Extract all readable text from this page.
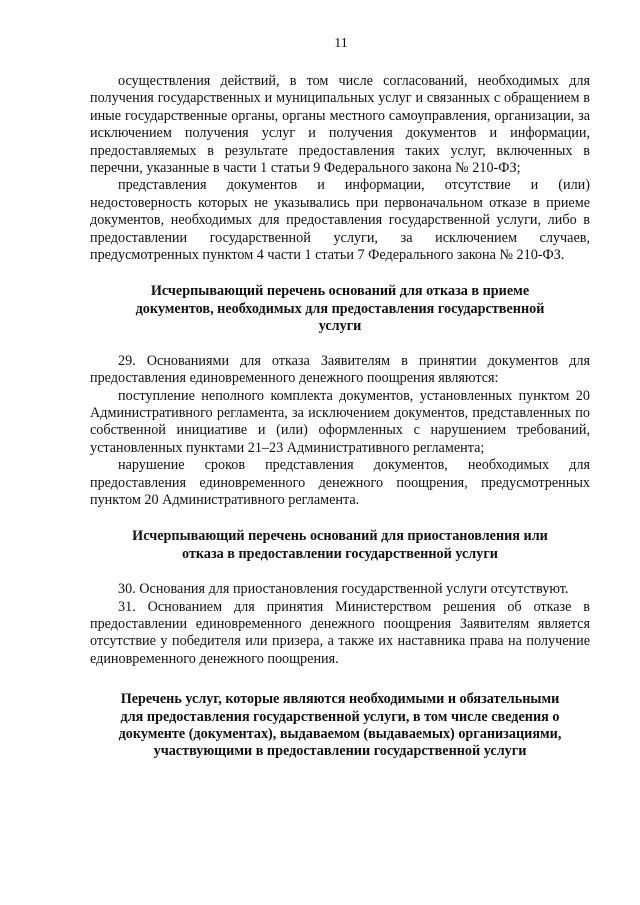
11

осуществления действий, в том числе согласований, необходимых для получения государственных и муниципальных услуг и связанных с обращением в иные государственные органы, органы местного самоуправления, организации, за исключением получения услуг и получения документов и информации, предоставляемых в результате предоставления таких услуг, включенных в перечни, указанные в части 1 статьи 9 Федерального закона № 210-ФЗ;

представления документов и информации, отсутствие и (или) недостоверность которых не указывались при первоначальном отказе в приеме документов, необходимых для предоставления государственной услуги, либо в предоставлении государственной услуги, за исключением случаев, предусмотренных пунктом 4 части 1 статьи 7 Федерального закона № 210-ФЗ.

Исчерпывающий перечень оснований для отказа в приеме документов, необходимых для предоставления государственной услуги

29. Основаниями для отказа Заявителям в принятии документов для предоставления единовременного денежного поощрения являются:

поступление неполного комплекта документов, установленных пунктом 20 Административного регламента, за исключением документов, представленных по собственной инициативе и (или) оформленных с нарушением требований, установленных пунктами 21–23 Административного регламента;

нарушение сроков представления документов, необходимых для предоставления единовременного денежного поощрения, предусмотренных пунктом 20 Административного регламента.

Исчерпывающий перечень оснований для приостановления или отказа в предоставлении государственной услуги

30. Основания для приостановления государственной услуги отсутствуют.

31. Основанием для принятия Министерством решения об отказе в предоставлении единовременного денежного поощрения Заявителям является отсутствие у победителя или призера, а также их наставника права на получение единовременного денежного поощрения.

Перечень услуг, которые являются необходимыми и обязательными для предоставления государственной услуги, в том числе сведения о документе (документах), выдаваемом (выдаваемых) организациями, участвующими в предоставлении государственной услуги
